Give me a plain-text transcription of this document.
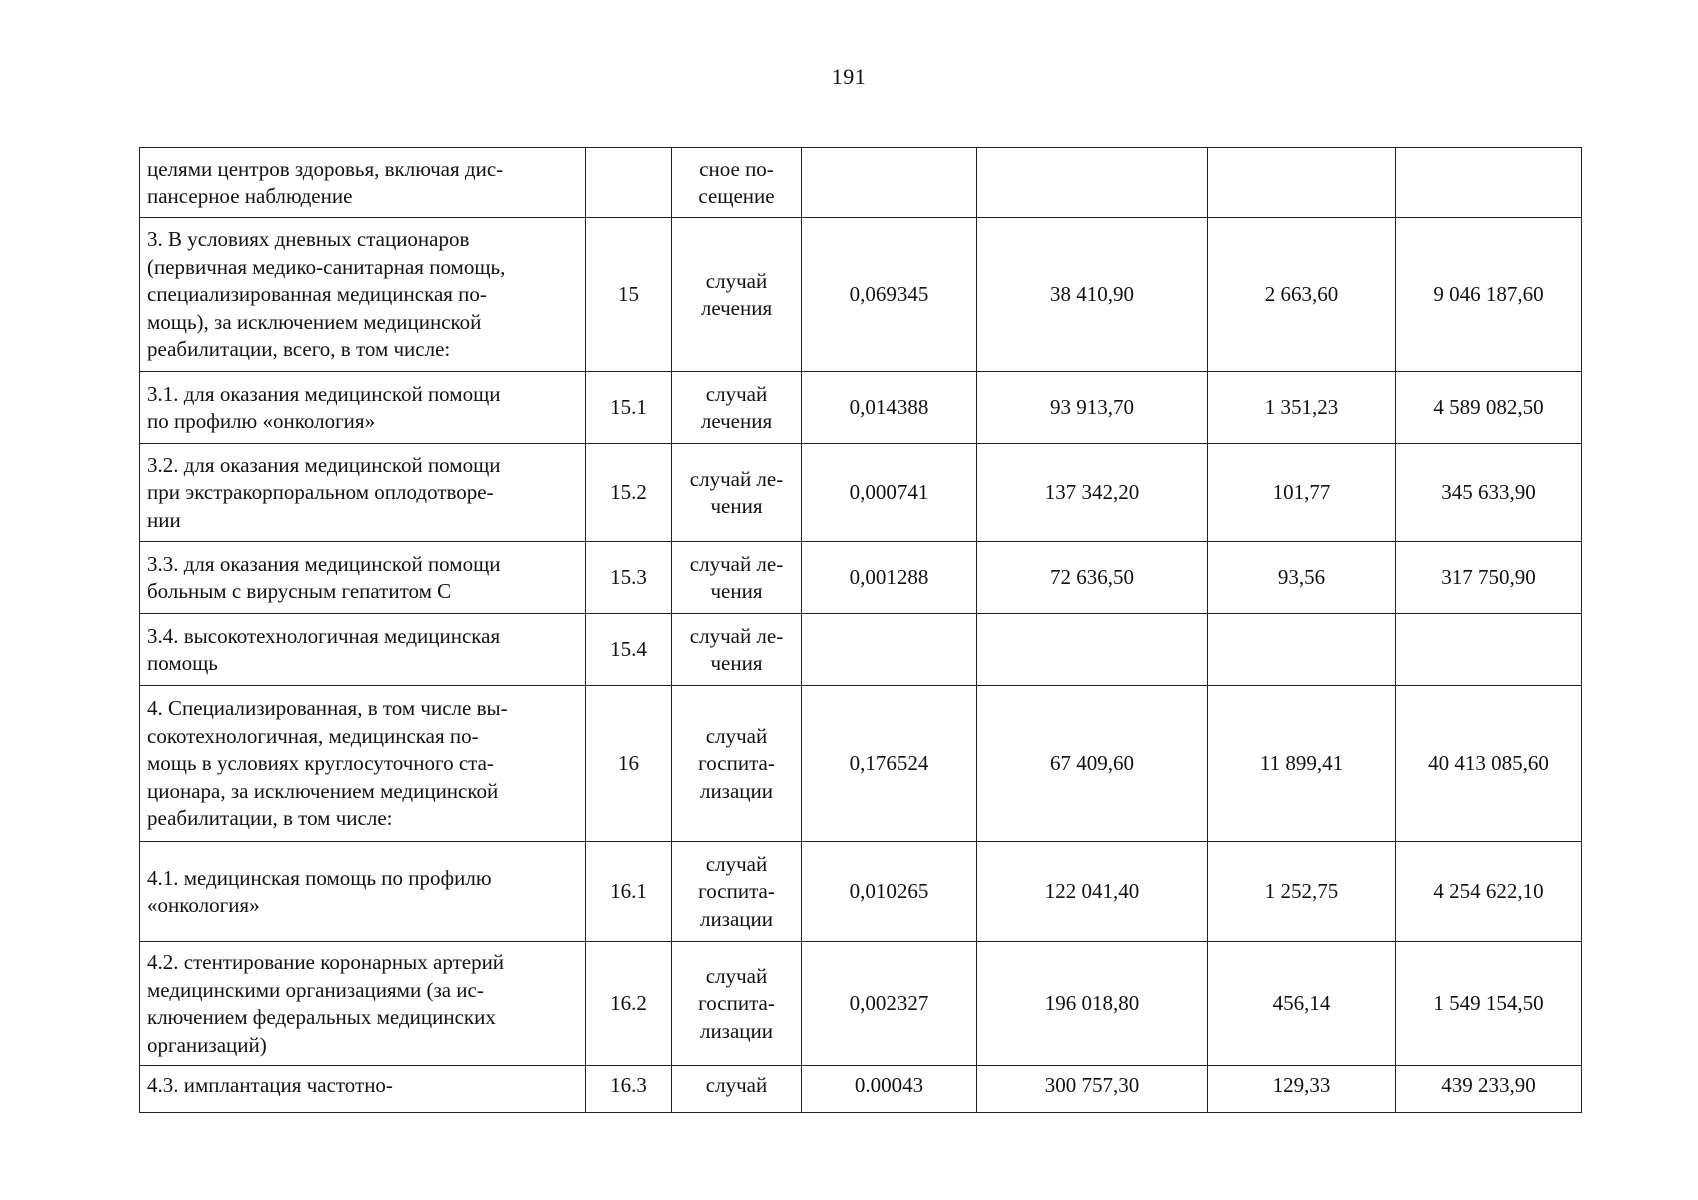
191
целями центров здоровья, включая дис-
пансерное наблюдение		сное по-
сещение				

3. В условиях дневных стационаров
(первичная медико-санитарная помощь,
специализированная медицинская по-
мощь), за исключением медицинской
реабилитации, всего, в том числе:	15	случай
лечения	0,069345	38 410,90	2 663,60	9 046 187,60

3.1. для оказания медицинской помощи
по профилю «онкология»	15.1	случай
лечения	0,014388	93 913,70	1 351,23	4 589 082,50

3.2. для оказания медицинской помощи
при экстракорпоральном оплодотворе-
нии	15.2	случай ле-
чения	0,000741	137 342,20	101,77	345 633,90

3.3. для оказания медицинской помощи
больным с вирусным гепатитом С	15.3	случай ле-
чения	0,001288	72 636,50	93,56	317 750,90

3.4. высокотехнологичная медицинская
помощь	15.4	случай ле-
чения				

4. Специализированная, в том числе вы-
сокотехнологичная, медицинская по-
мощь в условиях круглосуточного ста-
ционара, за исключением медицинской
реабилитации, в том числе:	16	случай
госпита-
лизации	0,176524	67 409,60	11 899,41	40 413 085,60

4.1. медицинская помощь по профилю
«онкология»	16.1	случай
госпита-
лизации	0,010265	122 041,40	1 252,75	4 254 622,10

4.2. стентирование коронарных артерий
медицинскими организациями (за ис-
ключением федеральных медицинских
организаций)	16.2	случай
госпита-
лизации	0,002327	196 018,80	456,14	1 549 154,50

4.3. имплантация частотно-	16.3	случай	0.00043	300 757,30	129,33	439 233,90
